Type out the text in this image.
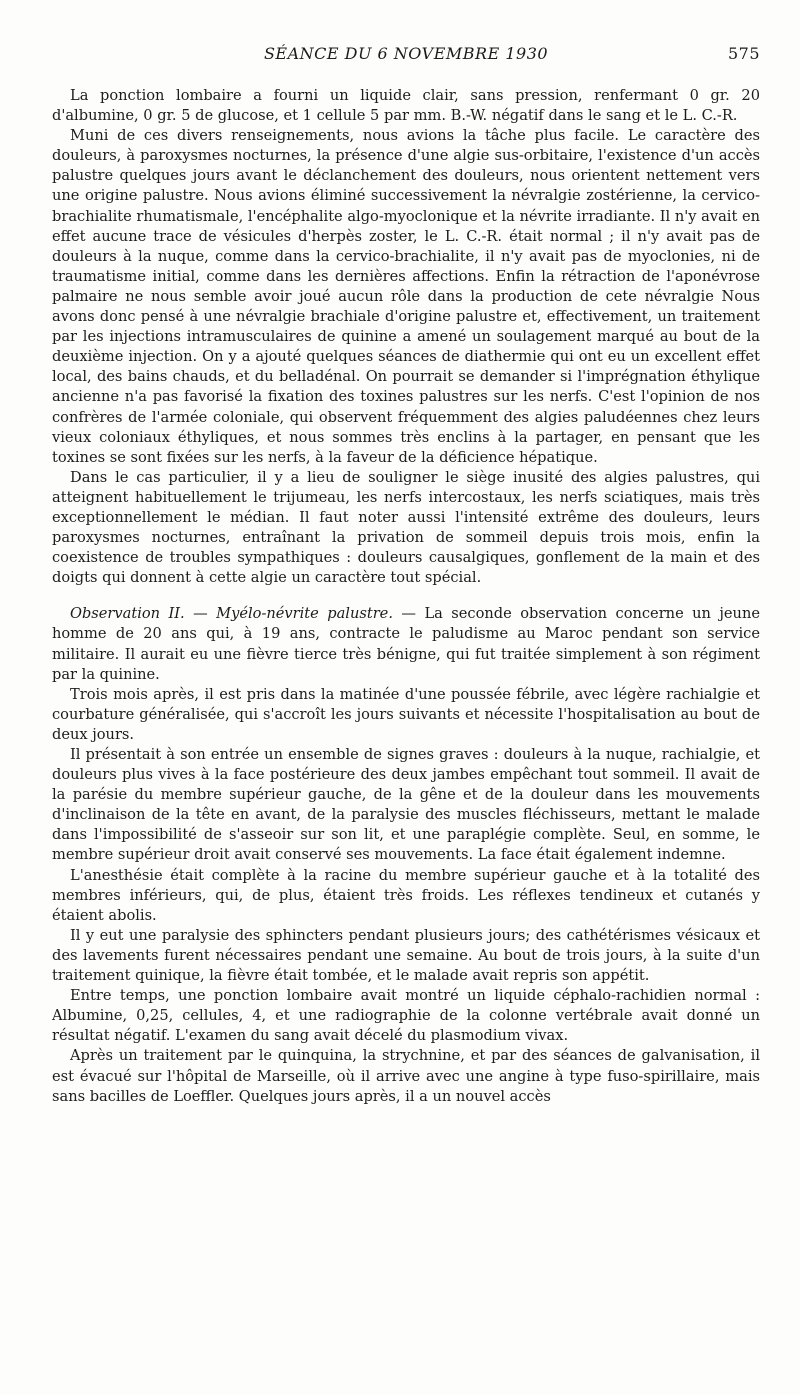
SÉANCE DU 6 NOVEMBRE 1930	575

La ponction lombaire a fourni un liquide clair, sans pression, renfermant 0 gr. 20 d'albumine, 0 gr. 5 de glucose, et 1 cellule 5 par mm. B.-W. négatif dans le sang et le L. C.-R.

Muni de ces divers renseignements, nous avions la tâche plus facile. Le caractère des douleurs, à paroxysmes nocturnes, la présence d'une algie sus-orbitaire, l'existence d'un accès palustre quelques jours avant le déclanchement des douleurs, nous orientent nettement vers une origine palustre. Nous avions éliminé successivement la névralgie zostérienne, la cervico-brachialite rhumatismale, l'encéphalite algo-myoclonique et la névrite irradiante. Il n'y avait en effet aucune trace de vésicules d'herpès zoster, le L. C.-R. était normal ; il n'y avait pas de douleurs à la nuque, comme dans la cervico-brachialite, il n'y avait pas de myoclonies, ni de traumatisme initial, comme dans les dernières affections. Enfin la rétraction de l'aponévrose palmaire ne nous semble avoir joué aucun rôle dans la production de cete névralgie Nous avons donc pensé à une névralgie brachiale d'origine palustre et, effectivement, un traitement par les injections intramusculaires de quinine a amené un soulagement marqué au bout de la deuxième injection. On y a ajouté quelques séances de diathermie qui ont eu un excellent effet local, des bains chauds, et du belladénal. On pourrait se demander si l'imprégnation éthylique ancienne n'a pas favorisé la fixation des toxines palustres sur les nerfs. C'est l'opinion de nos confrères de l'armée coloniale, qui observent fréquemment des algies paludéennes chez leurs vieux coloniaux éthyliques, et nous sommes très enclins à la partager, en pensant que les toxines se sont fixées sur les nerfs, à la faveur de la déficience hépatique.

Dans le cas particulier, il y a lieu de souligner le siège inusité des algies palustres, qui atteignent habituellement le trijumeau, les nerfs intercostaux, les nerfs sciatiques, mais très exceptionnellement le médian. Il faut noter aussi l'intensité extrême des douleurs, leurs paroxysmes nocturnes, entraînant la privation de sommeil depuis trois mois, enfin la coexistence de troubles sympathiques : douleurs causalgiques, gonflement de la main et des doigts qui donnent à cette algie un caractère tout spécial.

Observation II. — Myélo-névrite palustre. — La seconde observation concerne un jeune homme de 20 ans qui, à 19 ans, contracte le paludisme au Maroc pendant son service militaire. Il aurait eu une fièvre tierce très bénigne, qui fut traitée simplement à son régiment par la quinine.

Trois mois après, il est pris dans la matinée d'une poussée fébrile, avec légère rachialgie et courbature généralisée, qui s'accroît les jours suivants et nécessite l'hospitalisation au bout de deux jours.

Il présentait à son entrée un ensemble de signes graves : douleurs à la nuque, rachialgie, et douleurs plus vives à la face postérieure des deux jambes empêchant tout sommeil. Il avait de la parésie du membre supérieur gauche, de la gêne et de la douleur dans les mouvements d'inclinaison de la tête en avant, de la paralysie des muscles fléchisseurs, mettant le malade dans l'impossibilité de s'asseoir sur son lit, et une paraplégie complète. Seul, en somme, le membre supérieur droit avait conservé ses mouvements. La face était également indemne.

L'anesthésie était complète à la racine du membre supérieur gauche et à la totalité des membres inférieurs, qui, de plus, étaient très froids. Les réflexes tendineux et cutanés y étaient abolis.

Il y eut une paralysie des sphincters pendant plusieurs jours; des cathétérismes vésicaux et des lavements furent nécessaires pendant une semaine. Au bout de trois jours, à la suite d'un traitement quinique, la fièvre était tombée, et le malade avait repris son appétit.

Entre temps, une ponction lombaire avait montré un liquide céphalo-rachidien normal : Albumine, 0,25, cellules, 4, et une radiographie de la colonne vertébrale avait donné un résultat négatif. L'examen du sang avait décelé du plasmodium vivax.

Après un traitement par le quinquina, la strychnine, et par des séances de galvanisation, il est évacué sur l'hôpital de Marseille, où il arrive avec une angine à type fuso-spirillaire, mais sans bacilles de Loeffler. Quelques jours après, il a un nouvel accès
